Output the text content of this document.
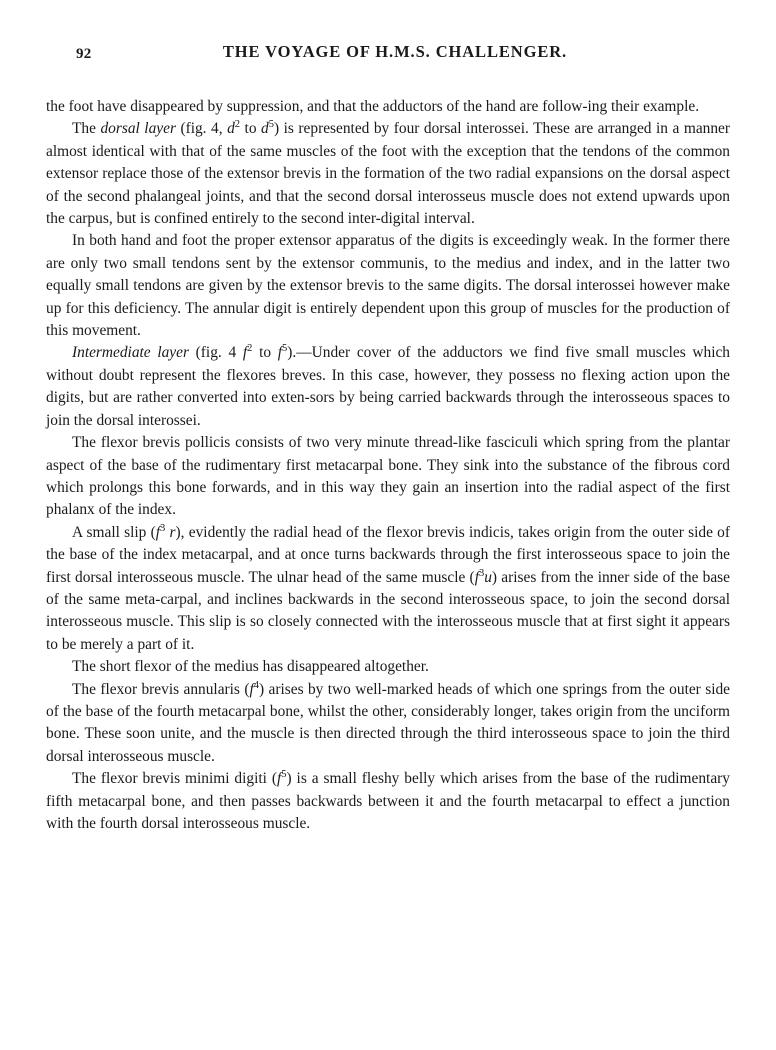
92	THE VOYAGE OF H.M.S. CHALLENGER.

the foot have disappeared by suppression, and that the adductors of the hand are follow-ing their example.

The dorsal layer (fig. 4, $d^2$ to $d^5$) is represented by four dorsal interossei. These are arranged in a manner almost identical with that of the same muscles of the foot with the exception that the tendons of the common extensor replace those of the extensor brevis in the formation of the two radial expansions on the dorsal aspect of the second phalangeal joints, and that the second dorsal interosseus muscle does not extend upwards upon the carpus, but is confined entirely to the second inter-digital interval.

In both hand and foot the proper extensor apparatus of the digits is exceedingly weak. In the former there are only two small tendons sent by the extensor communis, to the medius and index, and in the latter two equally small tendons are given by the extensor brevis to the same digits. The dorsal interossei however make up for this deficiency. The annular digit is entirely dependent upon this group of muscles for the production of this movement.

Intermediate layer (fig. 4 $f^2$ to $f^5).—Under$ cover of the adductors we find five small muscles which without doubt represent the flexores breves. In this case, however, they possess no flexing action upon the digits, but are rather converted into exten-sors by being carried backwards through the interosseous spaces to join the dorsal interossei.

The flexor brevis pollicis consists of two very minute thread-like fasciculi which spring from the plantar aspect of the base of the rudimentary first metacarpal bone. They sink into the substance of the fibrous cord which prolongs this bone forwards, and in this way they gain an insertion into the radial aspect of the first phalanx of the index.

A small slip ($f^3$ r), evidently the radial head of the flexor brevis indicis, takes origin from the outer side of the base of the index metacarpal, and at once turns backwards through the first interosseous space to join the first dorsal interosseous muscle. The ulnar head of the same muscle $(f^3u)$ arises from the inner side of the base of the same meta-carpal, and inclines backwards in the second interosseous space, to join the second dorsal interosseous muscle. This slip is so closely connected with the interosseous muscle that at first sight it appears to be merely a part of it.

The short flexor of the medius has disappeared altogether.

The flexor brevis annularis $(f^4)$ arises by two well-marked heads of which one springs from the outer side of the base of the fourth metacarpal bone, whilst the other, considerably longer, takes origin from the unciform bone. These soon unite, and the muscle is then directed through the third interosseous space to join the third dorsal interosseous muscle.

The flexor brevis minimi digiti $(f^5)$ is a small fleshy belly which arises from the base of the rudimentary fifth metacarpal bone, and then passes backwards between it and the fourth metacarpal to effect a junction with the fourth dorsal interosseous muscle.
